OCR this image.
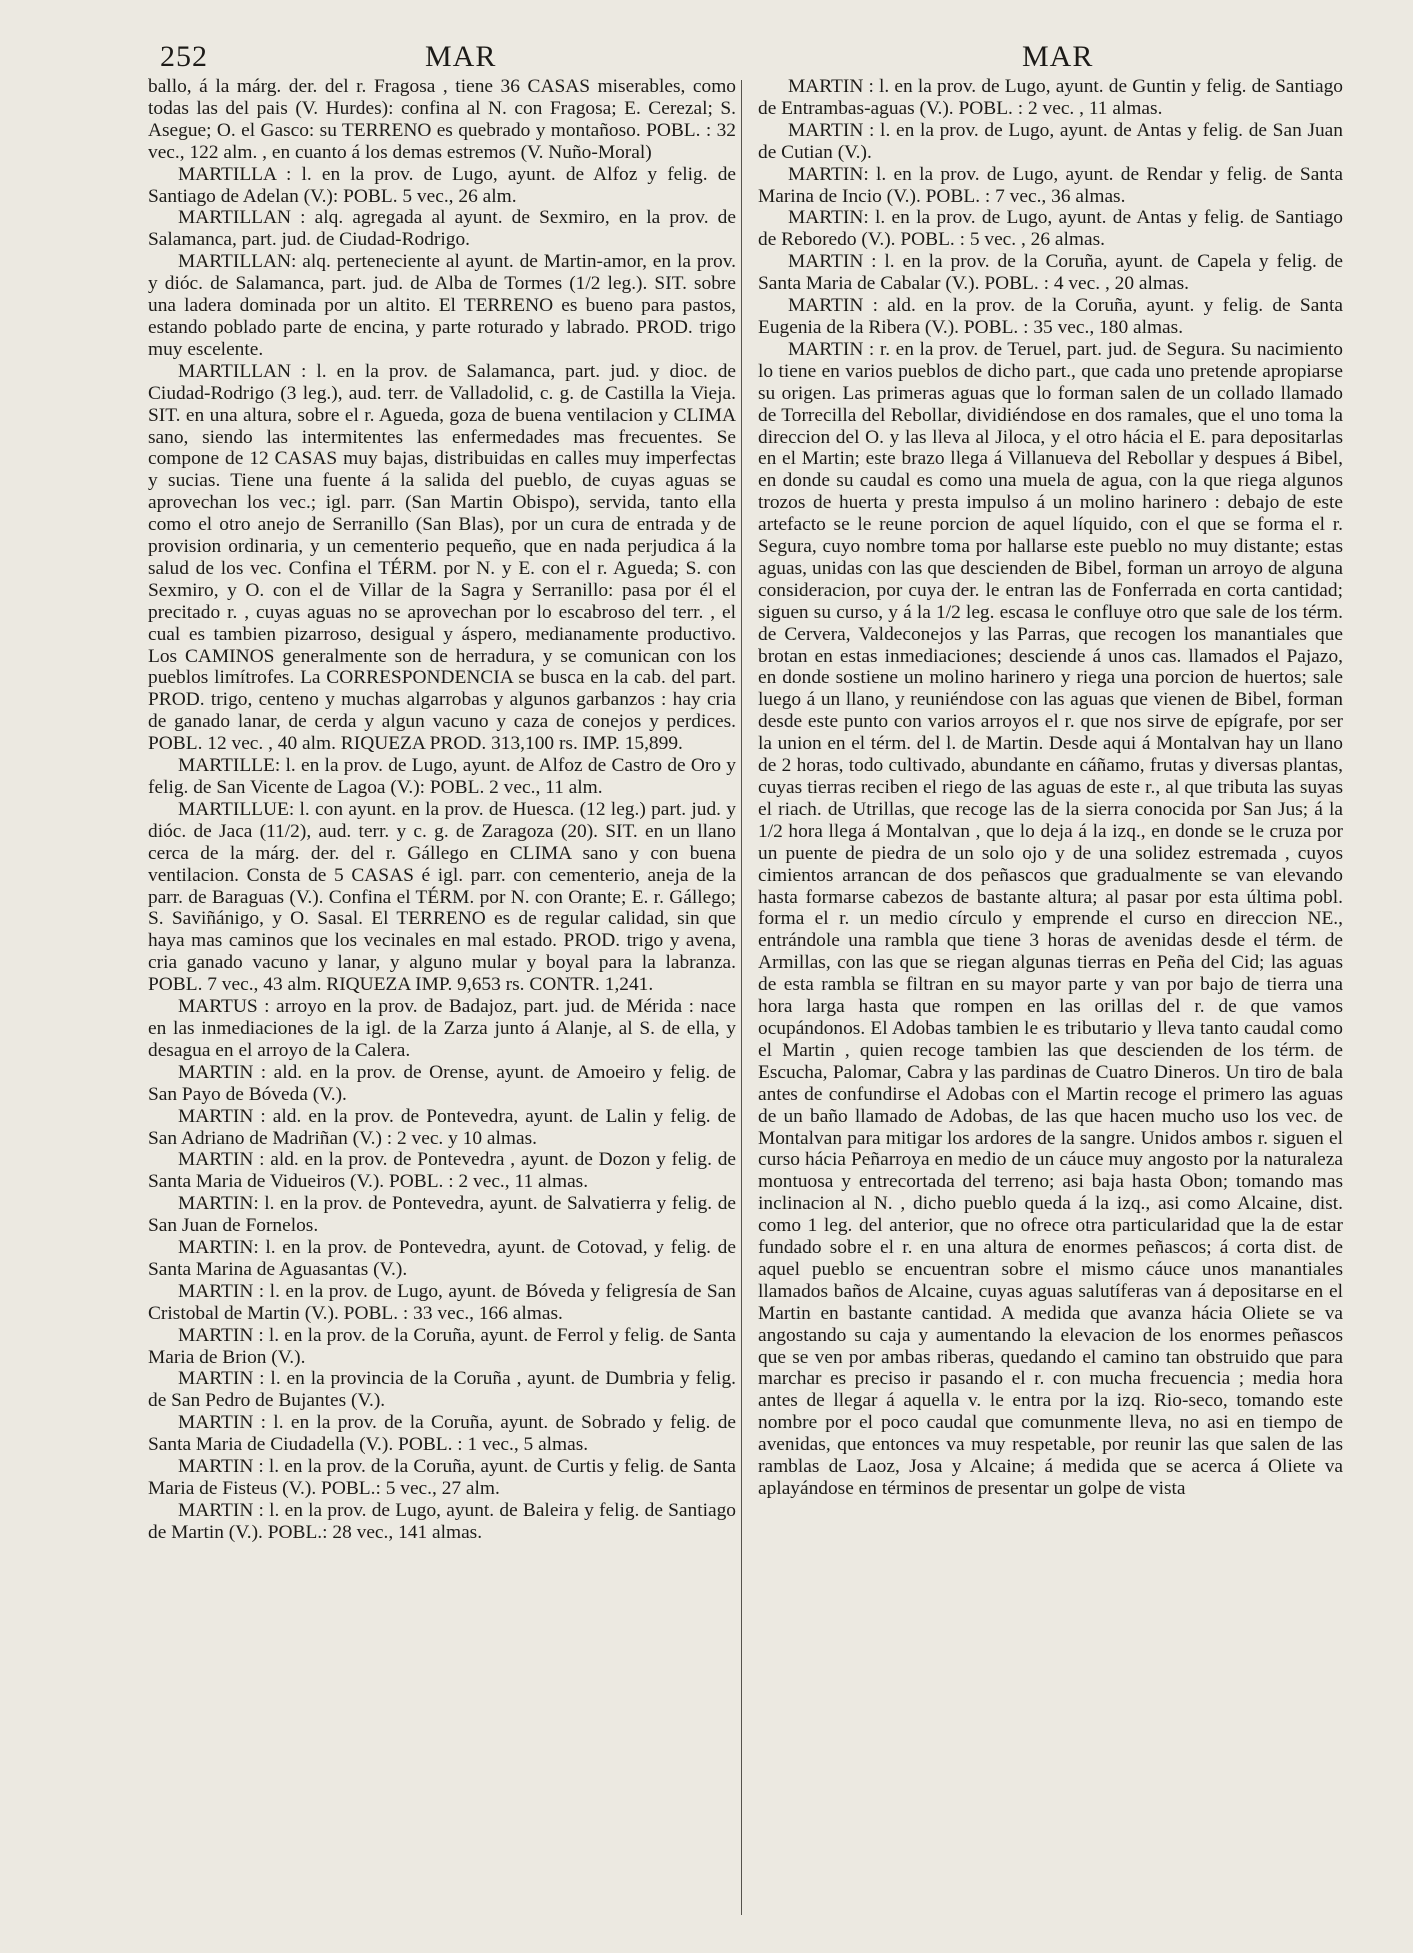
252	MAR	MAR

ballo, á la márg. der. del r. Fragosa , tiene 36 CASAS miserables, como todas las del pais (V. Hurdes): confina al N. con Fragosa; E. Cerezal; S. Asegue; O. el Gasco: su TERRENO es quebrado y montañoso. POBL. : 32 vec., 122 alm. , en cuanto á los demas estremos (V. Nuño-Moral)

MARTILLA : l. en la prov. de Lugo, ayunt. de Alfoz y felig. de Santiago de Adelan (V.): POBL. 5 vec., 26 alm.

MARTILLAN : alq. agregada al ayunt. de Sexmiro, en la prov. de Salamanca, part. jud. de Ciudad-Rodrigo.

MARTILLAN: alq. perteneciente al ayunt. de Martin-amor, en la prov. y dióc. de Salamanca, part. jud. de Alba de Tormes (1/2 leg.). SIT. sobre una ladera dominada por un altito. El TERRENO es bueno para pastos, estando poblado parte de encina, y parte roturado y labrado. PROD. trigo muy escelente.

MARTILLAN : l. en la prov. de Salamanca, part. jud. y dioc. de Ciudad-Rodrigo (3 leg.), aud. terr. de Valladolid, c. g. de Castilla la Vieja. SIT. en una altura, sobre el r. Agueda, goza de buena ventilacion y CLIMA sano, siendo las intermitentes las enfermedades mas frecuentes. Se compone de 12 CASAS muy bajas, distribuidas en calles muy imperfectas y sucias. Tiene una fuente á la salida del pueblo, de cuyas aguas se aprovechan los vec.; igl. parr. (San Martin Obispo), servida, tanto ella como el otro anejo de Serranillo (San Blas), por un cura de entrada y de provision ordinaria, y un cementerio pequeño, que en nada perjudica á la salud de los vec. Confina el TÉRM. por N. y E. con el r. Agueda; S. con Sexmiro, y O. con el de Villar de la Sagra y Serranillo: pasa por él el precitado r. , cuyas aguas no se aprovechan por lo escabroso del terr. , el cual es tambien pizarroso, desigual y áspero, medianamente productivo. Los CAMINOS generalmente son de herradura, y se comunican con los pueblos limítrofes. La CORRESPONDENCIA se busca en la cab. del part. PROD. trigo, centeno y muchas algarrobas y algunos garbanzos : hay cria de ganado lanar, de cerda y algun vacuno y caza de conejos y perdices. POBL. 12 vec. , 40 alm. RIQUEZA PROD. 313,100 rs. IMP. 15,899.

MARTILLE: l. en la prov. de Lugo, ayunt. de Alfoz de Castro de Oro y felig. de San Vicente de Lagoa (V.): POBL. 2 vec., 11 alm.

MARTILLUE: l. con ayunt. en la prov. de Huesca. (12 leg.) part. jud. y dióc. de Jaca (11/2), aud. terr. y c. g. de Zaragoza (20). SIT. en un llano cerca de la márg. der. del r. Gállego en CLIMA sano y con buena ventilacion. Consta de 5 CASAS é igl. parr. con cementerio, aneja de la parr. de Baraguas (V.). Confina el TÉRM. por N. con Orante; E. r. Gállego; S. Saviñánigo, y O. Sasal. El TERRENO es de regular calidad, sin que haya mas caminos que los vecinales en mal estado. PROD. trigo y avena, cria ganado vacuno y lanar, y alguno mular y boyal para la labranza. POBL. 7 vec., 43 alm. RIQUEZA IMP. 9,653 rs. CONTR. 1,241.

MARTUS : arroyo en la prov. de Badajoz, part. jud. de Mérida : nace en las inmediaciones de la igl. de la Zarza junto á Alanje, al S. de ella, y desagua en el arroyo de la Calera.

MARTIN : ald. en la prov. de Orense, ayunt. de Amoeiro y felig. de San Payo de Bóveda (V.).

MARTIN : ald. en la prov. de Pontevedra, ayunt. de Lalin y felig. de San Adriano de Madriñan (V.) : 2 vec. y 10 almas.

MARTIN : ald. en la prov. de Pontevedra , ayunt. de Dozon y felig. de Santa Maria de Vidueiros (V.). POBL. : 2 vec., 11 almas.

MARTIN: l. en la prov. de Pontevedra, ayunt. de Salvatierra y felig. de San Juan de Fornelos.

MARTIN: l. en la prov. de Pontevedra, ayunt. de Cotovad, y felig. de Santa Marina de Aguasantas (V.).

MARTIN : l. en la prov. de Lugo, ayunt. de Bóveda y feligresía de San Cristobal de Martin (V.). POBL. : 33 vec., 166 almas.

MARTIN : l. en la prov. de la Coruña, ayunt. de Ferrol y felig. de Santa Maria de Brion (V.).

MARTIN : l. en la provincia de la Coruña , ayunt. de Dumbria y felig. de San Pedro de Bujantes (V.).

MARTIN : l. en la prov. de la Coruña, ayunt. de Sobrado y felig. de Santa Maria de Ciudadella (V.). POBL. : 1 vec., 5 almas.

MARTIN : l. en la prov. de la Coruña, ayunt. de Curtis y felig. de Santa Maria de Fisteus (V.). POBL.: 5 vec., 27 alm.

MARTIN : l. en la prov. de Lugo, ayunt. de Baleira y felig. de Santiago de Martin (V.). POBL.: 28 vec., 141 almas.

MARTIN : l. en la prov. de Lugo, ayunt. de Guntin y felig. de Santiago de Entrambas-aguas (V.). POBL. : 2 vec. , 11 almas.

MARTIN : l. en la prov. de Lugo, ayunt. de Antas y felig. de San Juan de Cutian (V.).

MARTIN: l. en la prov. de Lugo, ayunt. de Rendar y felig. de Santa Marina de Incio (V.). POBL. : 7 vec., 36 almas.

MARTIN: l. en la prov. de Lugo, ayunt. de Antas y felig. de Santiago de Reboredo (V.). POBL. : 5 vec. , 26 almas.

MARTIN : l. en la prov. de la Coruña, ayunt. de Capela y felig. de Santa Maria de Cabalar (V.). POBL. : 4 vec. , 20 almas.

MARTIN : ald. en la prov. de la Coruña, ayunt. y felig. de Santa Eugenia de la Ribera (V.). POBL. : 35 vec., 180 almas.

MARTIN : r. en la prov. de Teruel, part. jud. de Segura. Su nacimiento lo tiene en varios pueblos de dicho part., que cada uno pretende apropiarse su origen. Las primeras aguas que lo forman salen de un collado llamado de Torrecilla del Rebollar, dividiéndose en dos ramales, que el uno toma la direccion del O. y las lleva al Jiloca, y el otro hácia el E. para depositarlas en el Martin; este brazo llega á Villanueva del Rebollar y despues á Bibel, en donde su caudal es como una muela de agua, con la que riega algunos trozos de huerta y presta impulso á un molino harinero : debajo de este artefacto se le reune porcion de aquel líquido, con el que se forma el r. Segura, cuyo nombre toma por hallarse este pueblo no muy distante; estas aguas, unidas con las que descienden de Bibel, forman un arroyo de alguna consideracion, por cuya der. le entran las de Fonferrada en corta cantidad; siguen su curso, y á la 1/2 leg. escasa le confluye otro que sale de los térm. de Cervera, Valdeconejos y las Parras, que recogen los manantiales que brotan en estas inmediaciones; desciende á unos cas. llamados el Pajazo, en donde sostiene un molino harinero y riega una porcion de huertos; sale luego á un llano, y reuniéndose con las aguas que vienen de Bibel, forman desde este punto con varios arroyos el r. que nos sirve de epígrafe, por ser la union en el térm. del l. de Martin. Desde aqui á Montalvan hay un llano de 2 horas, todo cultivado, abundante en cáñamo, frutas y diversas plantas, cuyas tierras reciben el riego de las aguas de este r., al que tributa las suyas el riach. de Utrillas, que recoge las de la sierra conocida por San Jus; á la 1/2 hora llega á Montalvan , que lo deja á la izq., en donde se le cruza por un puente de piedra de un solo ojo y de una solidez estremada , cuyos cimientos arrancan de dos peñascos que gradualmente se van elevando hasta formarse cabezos de bastante altura; al pasar por esta última pobl. forma el r. un medio círculo y emprende el curso en direccion NE., entrándole una rambla que tiene 3 horas de avenidas desde el térm. de Armillas, con las que se riegan algunas tierras en Peña del Cid; las aguas de esta rambla se filtran en su mayor parte y van por bajo de tierra una hora larga hasta que rompen en las orillas del r. de que vamos ocupándonos. El Adobas tambien le es tributario y lleva tanto caudal como el Martin , quien recoge tambien las que descienden de los térm. de Escucha, Palomar, Cabra y las pardinas de Cuatro Dineros. Un tiro de bala antes de confundirse el Adobas con el Martin recoge el primero las aguas de un baño llamado de Adobas, de las que hacen mucho uso los vec. de Montalvan para mitigar los ardores de la sangre. Unidos ambos r. siguen el curso hácia Peñarroya en medio de un cáuce muy angosto por la naturaleza montuosa y entrecortada del terreno; asi baja hasta Obon; tomando mas inclinacion al N. , dicho pueblo queda á la izq., asi como Alcaine, dist. como 1 leg. del anterior, que no ofrece otra particularidad que la de estar fundado sobre el r. en una altura de enormes peñascos; á corta dist. de aquel pueblo se encuentran sobre el mismo cáuce unos manantiales llamados baños de Alcaine, cuyas aguas salutíferas van á depositarse en el Martin en bastante cantidad. A medida que avanza hácia Oliete se va angostando su caja y aumentando la elevacion de los enormes peñascos que se ven por ambas riberas, quedando el camino tan obstruido que para marchar es preciso ir pasando el r. con mucha frecuencia ; media hora antes de llegar á aquella v. le entra por la izq. Rio-seco, tomando este nombre por el poco caudal que comunmente lleva, no asi en tiempo de avenidas, que entonces va muy respetable, por reunir las que salen de las ramblas de Laoz, Josa y Alcaine; á medida que se acerca á Oliete va aplayándose en términos de presentar un golpe de vista
